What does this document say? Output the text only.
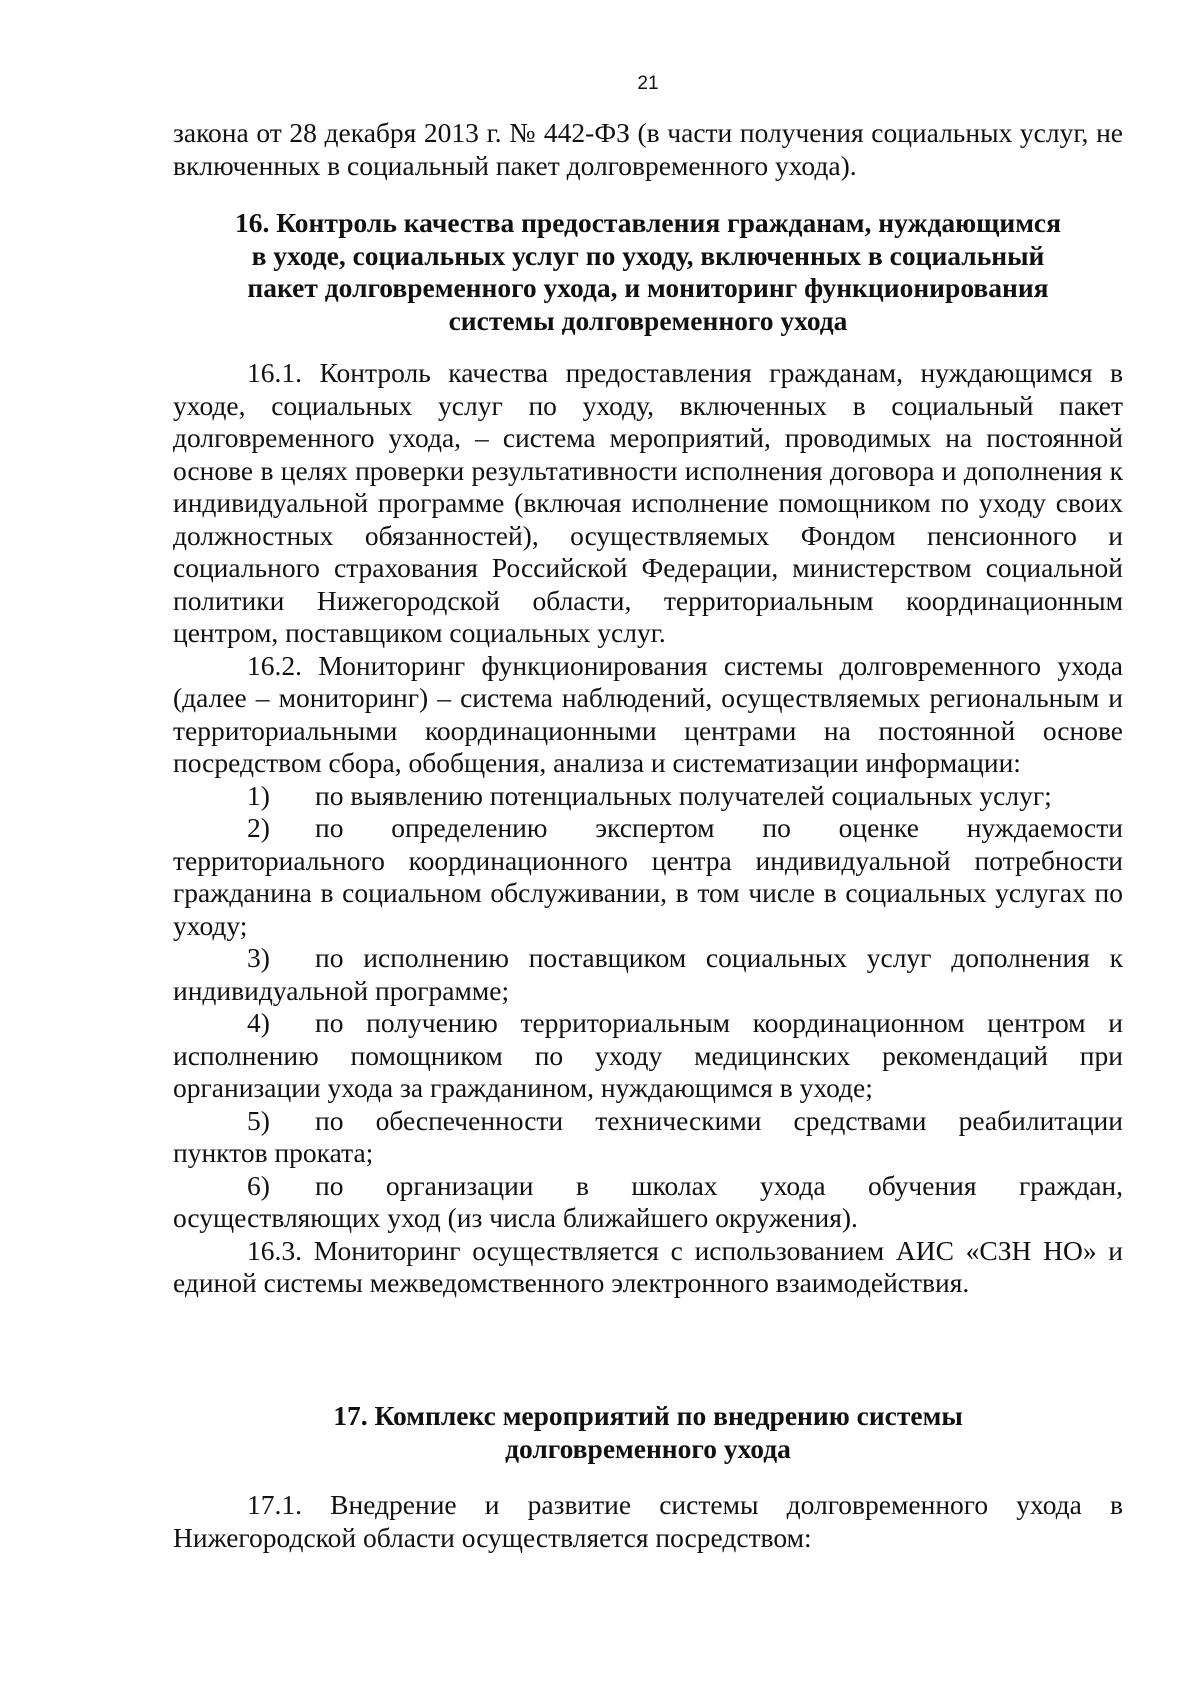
21

закона от 28 декабря 2013 г. № 442-ФЗ (в части получения социальных услуг, не включенных в социальный пакет долговременного ухода).

16. Контроль качества предоставления гражданам, нуждающимся

в уходе, социальных услуг по уходу, включенных в социальный

пакет долговременного ухода, и мониторинг функционирования

системы долговременного ухода

16.1. Контроль качества предоставления гражданам, нуждающимся в уходе, социальных услуг по уходу, включенных в социальный пакет долговременного ухода, – система мероприятий, проводимых на постоянной основе в целях проверки результативности исполнения договора и дополнения к индивидуальной программе (включая исполнение помощником по уходу своих должностных обязанностей), осуществляемых Фондом пенсионного и социального страхования Российской Федерации, министерством социальной политики Нижегородской области, территориальным координационным центром, поставщиком социальных услуг.

16.2. Мониторинг функционирования системы долговременного ухода (далее – мониторинг) – система наблюдений, осуществляемых региональным и территориальными координационными центрами на постоянной основе посредством сбора, обобщения, анализа и систематизации информации:

1) по выявлению потенциальных получателей социальных услуг;

2) по определению экспертом по оценке нуждаемости территориального координационного центра индивидуальной потребности гражданина в социальном обслуживании, в том числе в социальных услугах по уходу;

3) по исполнению поставщиком социальных услуг дополнения к индивидуальной программе;

4) по получению территориальным координационном центром и исполнению помощником по уходу медицинских рекомендаций при организации ухода за гражданином, нуждающимся в уходе;

5) по обеспеченности техническими средствами реабилитации пунктов проката;

6) по организации в школах ухода обучения граждан, осуществляющих уход (из числа ближайшего окружения).

16.3. Мониторинг осуществляется с использованием АИС «СЗН НО» и единой системы межведомственного электронного взаимодействия.

17. Комплекс мероприятий по внедрению системы

долговременного ухода

17.1. Внедрение и развитие системы долговременного ухода в Нижегородской области осуществляется посредством:
